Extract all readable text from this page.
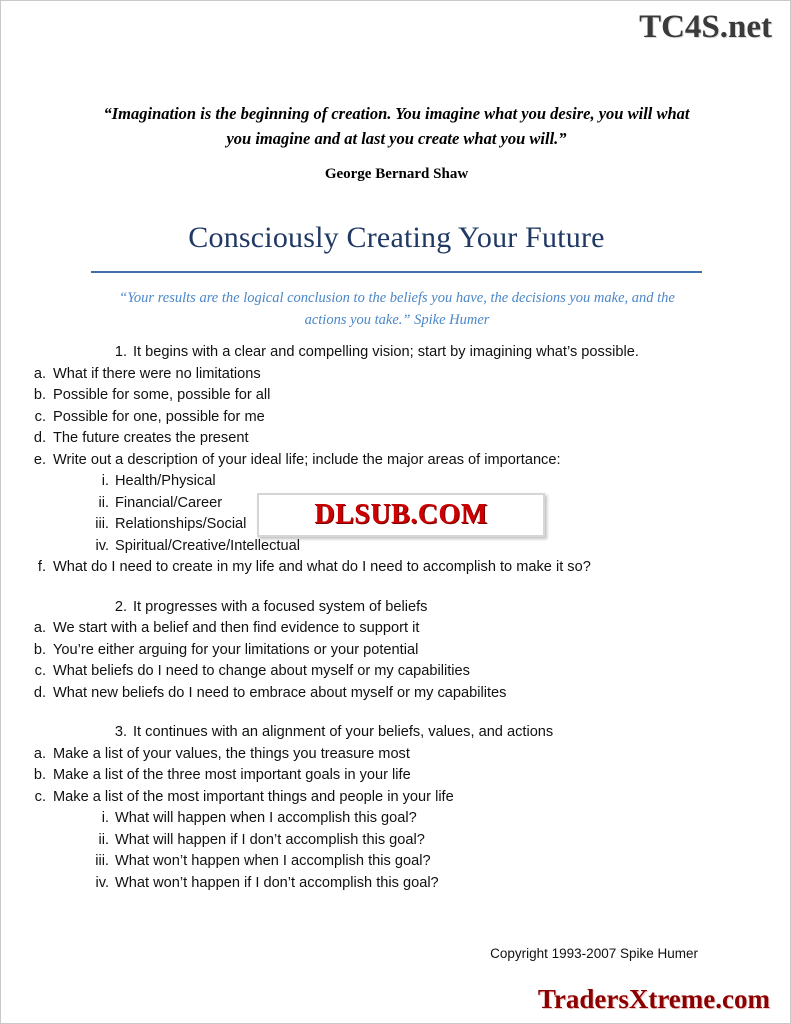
TC4S.net
“Imagination is the beginning of creation. You imagine what you desire, you will what you imagine and at last you create what you will.”
George Bernard Shaw
Consciously Creating Your Future
“Your results are the logical conclusion to the beliefs you have, the decisions you make, and the actions you take.” Spike Humer
1. It begins with a clear and compelling vision; start by imagining what’s possible.
a. What if there were no limitations
b. Possible for some, possible for all
c. Possible for one, possible for me
d. The future creates the present
e. Write out a description of your ideal life; include the major areas of importance:
i. Health/Physical
ii. Financial/Career
iii. Relationships/Social
iv. Spiritual/Creative/Intellectual
f. What do I need to create in my life and what do I need to accomplish to make it so?
2. It progresses with a focused system of beliefs
a. We start with a belief and then find evidence to support it
b. You’re either arguing for your limitations or your potential
c. What beliefs do I need to change about myself or my capabilities
d. What new beliefs do I need to embrace about myself or my capabilites
3. It continues with an alignment of your beliefs, values, and actions
a. Make a list of your values, the things you treasure most
b. Make a list of the three most important goals in your life
c. Make a list of the most important things and people in your life
i. What will happen when I accomplish this goal?
ii. What will happen if I don’t accomplish this goal?
iii. What won’t happen when I accomplish this goal?
iv. What won’t happen if I don’t accomplish this goal?
DLSUB.COM
Copyright 1993-2007 Spike Humer
TradersXtreme.com
